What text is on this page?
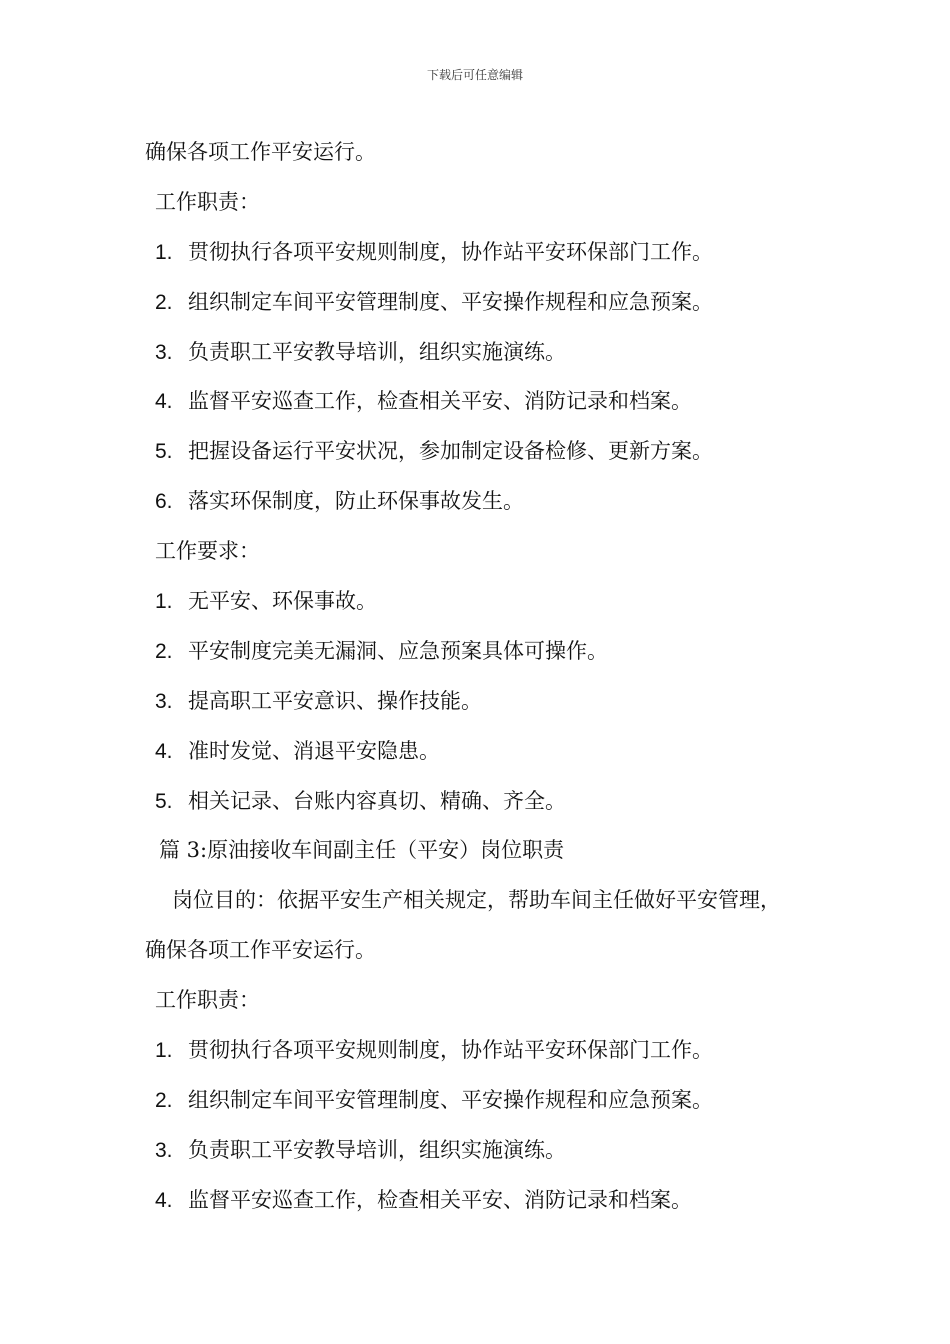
下载后可任意编辑
确保各项工作平安运行。
工作职责：
1. 贯彻执行各项平安规则制度，协作站平安环保部门工作。
2. 组织制定车间平安管理制度、平安操作规程和应急预案。
3. 负责职工平安教导培训，组织实施演练。
4. 监督平安巡查工作，检查相关平安、消防记录和档案。
5. 把握设备运行平安状况，参加制定设备检修、更新方案。
6. 落实环保制度，防止环保事故发生。
工作要求：
1. 无平安、环保事故。
2. 平安制度完美无漏洞、应急预案具体可操作。
3. 提高职工平安意识、操作技能。
4. 准时发觉、消退平安隐患。
5. 相关记录、台账内容真切、精确、齐全。
篇 3:原油接收车间副主任（平安）岗位职责
岗位目的：依据平安生产相关规定，帮助车间主任做好平安管理，
确保各项工作平安运行。
工作职责：
1. 贯彻执行各项平安规则制度，协作站平安环保部门工作。
2. 组织制定车间平安管理制度、平安操作规程和应急预案。
3. 负责职工平安教导培训，组织实施演练。
4. 监督平安巡查工作，检查相关平安、消防记录和档案。
